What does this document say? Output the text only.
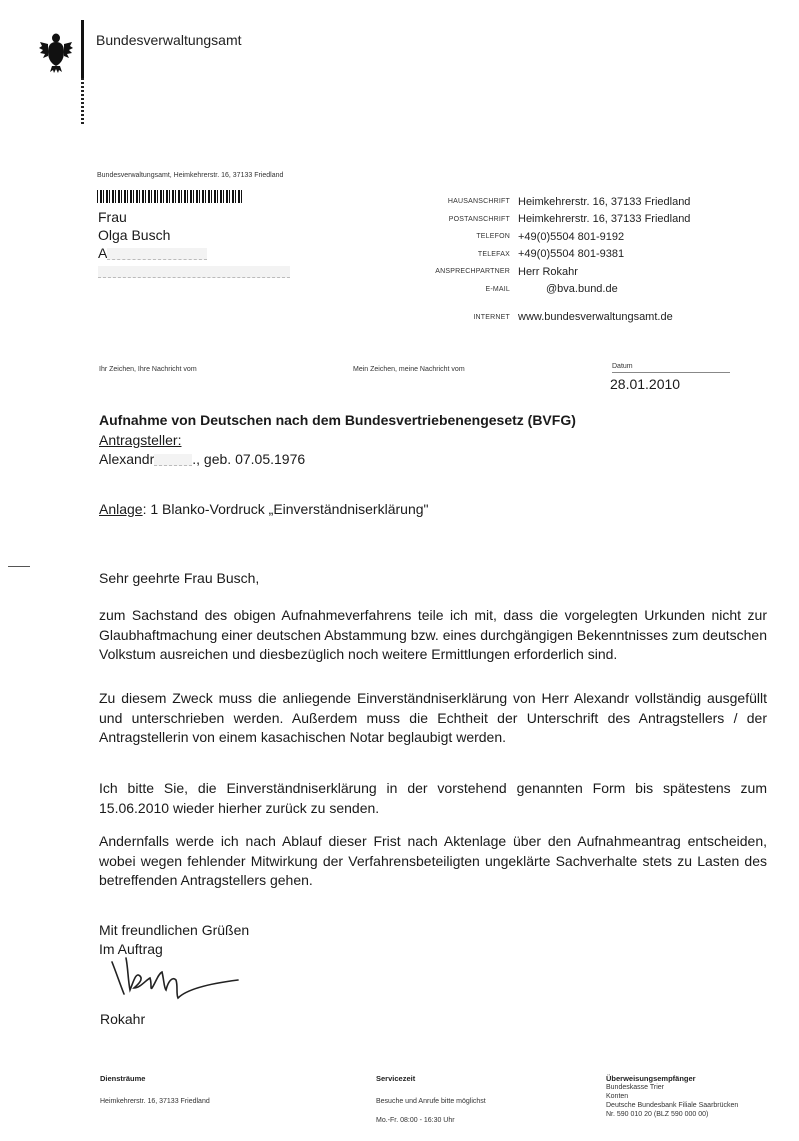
Bundesverwaltungsamt
Bundesverwaltungsamt, Heimkehrerstr. 16, 37133 Friedland
Frau
Olga Busch
A
HAUSANSCHRIFT Heimkehrerstr. 16, 37133 Friedland
POSTANSCHRIFT Heimkehrerstr. 16, 37133 Friedland
TELEFON +49(0)5504 801-9192
TELEFAX +49(0)5504 801-9381
ANSPRECHPARTNER Herr Rokahr
E-MAIL	@bva.bund.de
INTERNET www.bundesverwaltungsamt.de
Ihr Zeichen, Ihre Nachricht vom	Mein Zeichen, meine Nachricht vom	Datum
28.01.2010
Aufnahme von Deutschen nach dem Bundesvertriebenengesetz (BVFG)
Antragsteller:
Alexandr	., geb. 07.05.1976
Anlage: 1 Blanko-Vordruck „Einverständniserklärung"
Sehr geehrte Frau Busch,

zum Sachstand des obigen Aufnahmeverfahrens teile ich mit, dass die vorgelegten Urkunden nicht zur Glaubhaftmachung einer deutschen Abstammung bzw. eines durchgängigen Bekenntnisses zum deutschen Volkstum ausreichen und diesbezüglich noch weitere Ermittlungen erforderlich sind.

Zu diesem Zweck muss die anliegende Einverständniserklärung von Herr Alexandr vollständig ausgefüllt und unterschrieben werden. Außerdem muss die Echtheit der Unterschrift des Antragstellers / der Antragstellerin von einem kasachischen Notar beglaubigt werden.

Ich bitte Sie, die Einverständniserklärung in der vorstehend genannten Form bis spätestens zum 15.06.2010 wieder hierher zurück zu senden.

Andernfalls werde ich nach Ablauf dieser Frist nach Aktenlage über den Aufnahmeantrag entscheiden, wobei wegen fehlender Mitwirkung der Verfahrensbeteiligten ungeklärte Sachverhalte stets zu Lasten des betreffenden Antragstellers gehen.

Mit freundlichen Grüßen
Im Auftrag
Rokahr
Diensträume
Heimkehrerstr. 16, 37133 Friedland
Servicezeit
Besuche und Anrufe bitte möglichst
Mo.-Fr. 08:00 - 16:30 Uhr
Überweisungsempfänger
Bundeskasse Trier
Konten
Deutsche Bundesbank Filiale Saarbrücken
Nr. 590 010 20 (BLZ 590 000 00)
